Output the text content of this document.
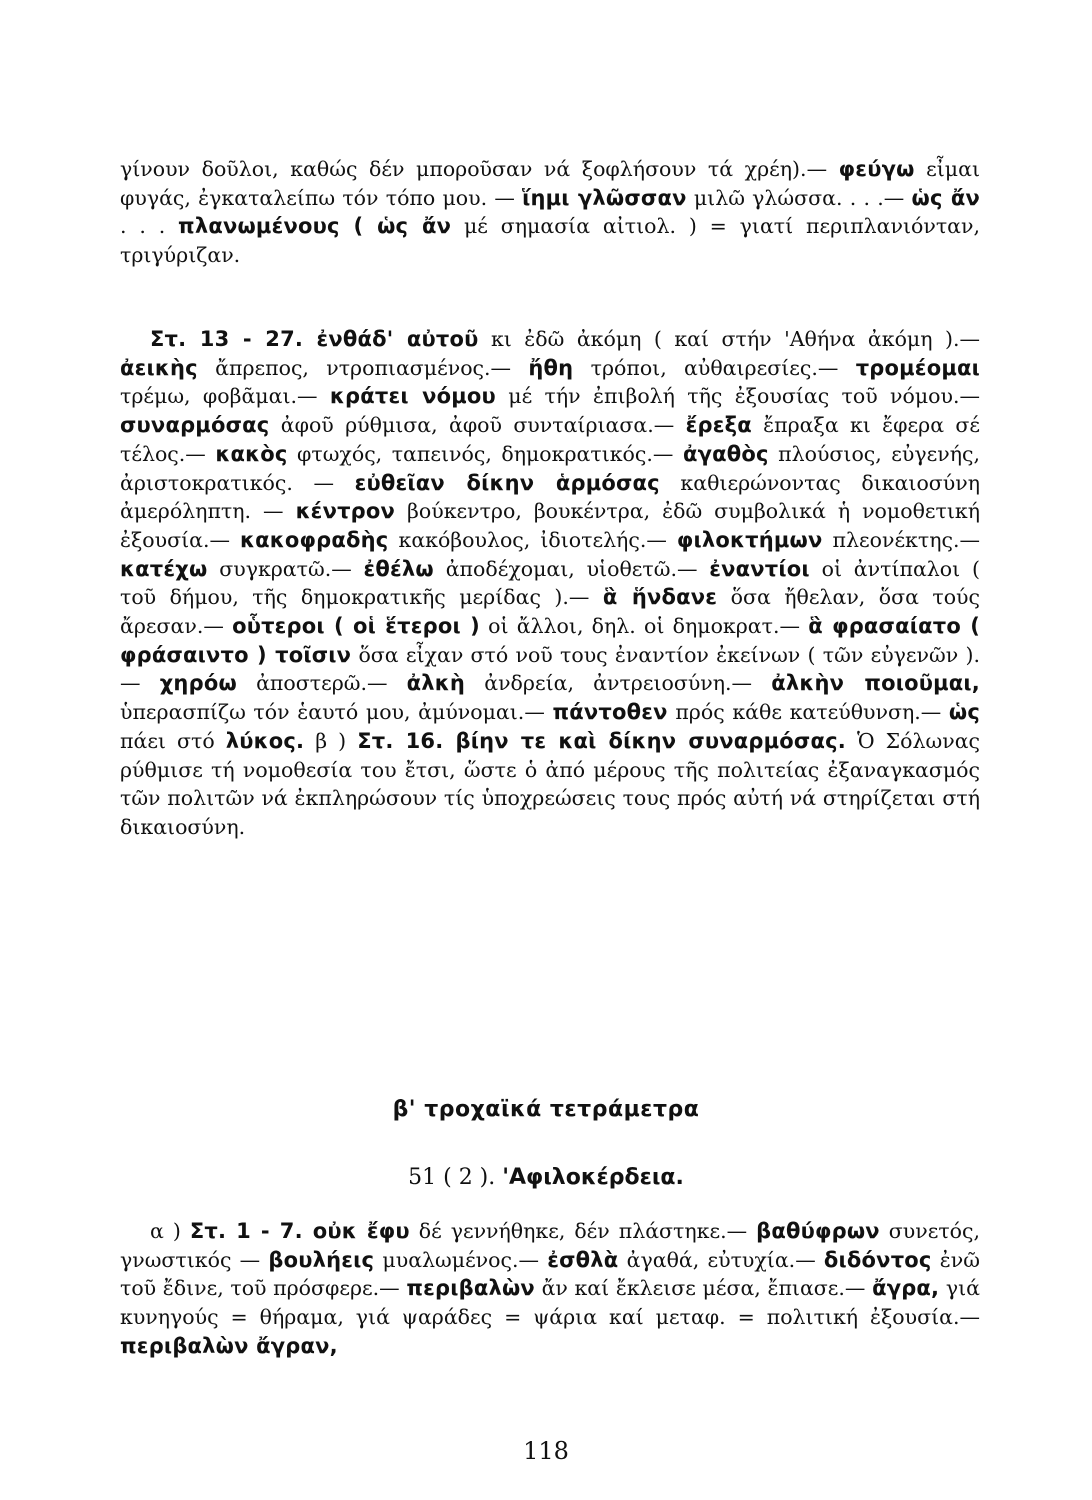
γίνουν δοῦλοι, καθώς δέν μποροῦσαν νά ξοφλήσουν τά χρέη).— φεύγω εἶμαι φυγάς, ἐγκαταλείπω τόν τόπο μου. — ἵημι γλῶσσαν μιλῶ γλώσσα. . . .— ὡς ἄν . . . πλανωμένους ( ὡς ἄν μέ σημασία αἰτιολ. ) = γιατί περιπλανιόνταν, τριγύριζαν.

Στ. 13 - 27. ἐνθάδ' αὐτοῦ κι ἐδῶ ἀκόμη ( καί στήν 'Αθήνα ἀκόμη ).— ἀεικὴς ἄπρεπος, ντροπιασμένος.— ἤθη τρόποι, αὐθαιρεσίες.— τρομέομαι τρέμω, φοβᾶμαι.— κράτει νόμου μέ τήν ἐπιβολή τῆς ἐξουσίας τοῦ νόμου.— συναρμόσας ἀφοῦ ρύθμισα, ἀφοῦ συνταίριασα.— ἔρεξα ἔπραξα κι ἔφερα σέ τέλος.— κακὸς φτωχός, ταπεινός, δημοκρατικός.— ἀγαθὸς πλούσιος, εὐγενής, ἀριστοκρατικός. — εὐθεῖαν δίκην ἁρμόσας καθιερώνοντας δικαιοσύνη ἀμερόληπτη. — κέντρον βούκεντρο, βουκέντρα, ἐδῶ συμβολικά ἡ νομοθετική ἐξουσία.— κακοφραδὴς κακόβουλος, ἰδιοτελής.— φιλοκτήμων πλεονέκτης.— κατέχω συγκρατῶ.— ἐθέλω ἀποδέχομαι, υἱοθετῶ.— ἐναντίοι οἱ ἀντίπαλοι ( τοῦ δήμου, τῆς δημοκρατικῆς μερίδας ).— ἃ ἥνδανε ὅσα ἤθελαν, ὅσα τούς ἄρεσαν.— οὗτεροι ( οἱ ἕτεροι ) οἱ ἄλλοι, δηλ. οἱ δημοκρατ.— ἃ φρασαίατο ( φράσαιντο ) τοῖσιν ὅσα εἶχαν στό νοῦ τους ἐναντίον ἐκείνων ( τῶν εὐγενῶν ).— χηρόω ἀποστερῶ.— ἀλκὴ ἀνδρεία, ἀντρειοσύνη.— ἀλκὴν ποιοῦμαι, ὑπερασπίζω τόν ἑαυτό μου, ἀμύνομαι.— πάντοθεν πρός κάθε κατεύθυνση.— ὡς πάει στό λύκος. β ) Στ. 16. βίην τε καὶ δίκην συναρμόσας. Ὁ Σόλωνας ρύθμισε τή νομοθεσία του ἔτσι, ὥστε ὁ ἀπό μέρους τῆς πολιτείας ἐξαναγκασμός τῶν πολιτῶν νά ἐκπληρώσουν τίς ὑποχρεώσεις τους πρός αὐτή νά στηρίζεται στή δικαιοσύνη.

β' τροχαϊκά τετράμετρα
51 ( 2 ). 'Αφιλοκέρδεια.

α ) Στ. 1 - 7. οὐκ ἔφυ δέ γεννήθηκε, δέν πλάστηκε.— βαθύφρων συνετός, γνωστικός — βουλήεις μυαλωμένος.— ἐσθλὰ ἀγαθά, εὐτυχία.— διδόντος ἐνῶ τοῦ ἔδινε, τοῦ πρόσφερε.— περιβαλὼν ἄν καί ἔκλεισε μέσα, ἔπιασε.— ἄγρα, γιά κυνηγούς = θήραμα, γιά ψαράδες = ψάρια καί μεταφ. = πολιτική ἐξουσία.— περιβαλὼν ἄγραν,

118
